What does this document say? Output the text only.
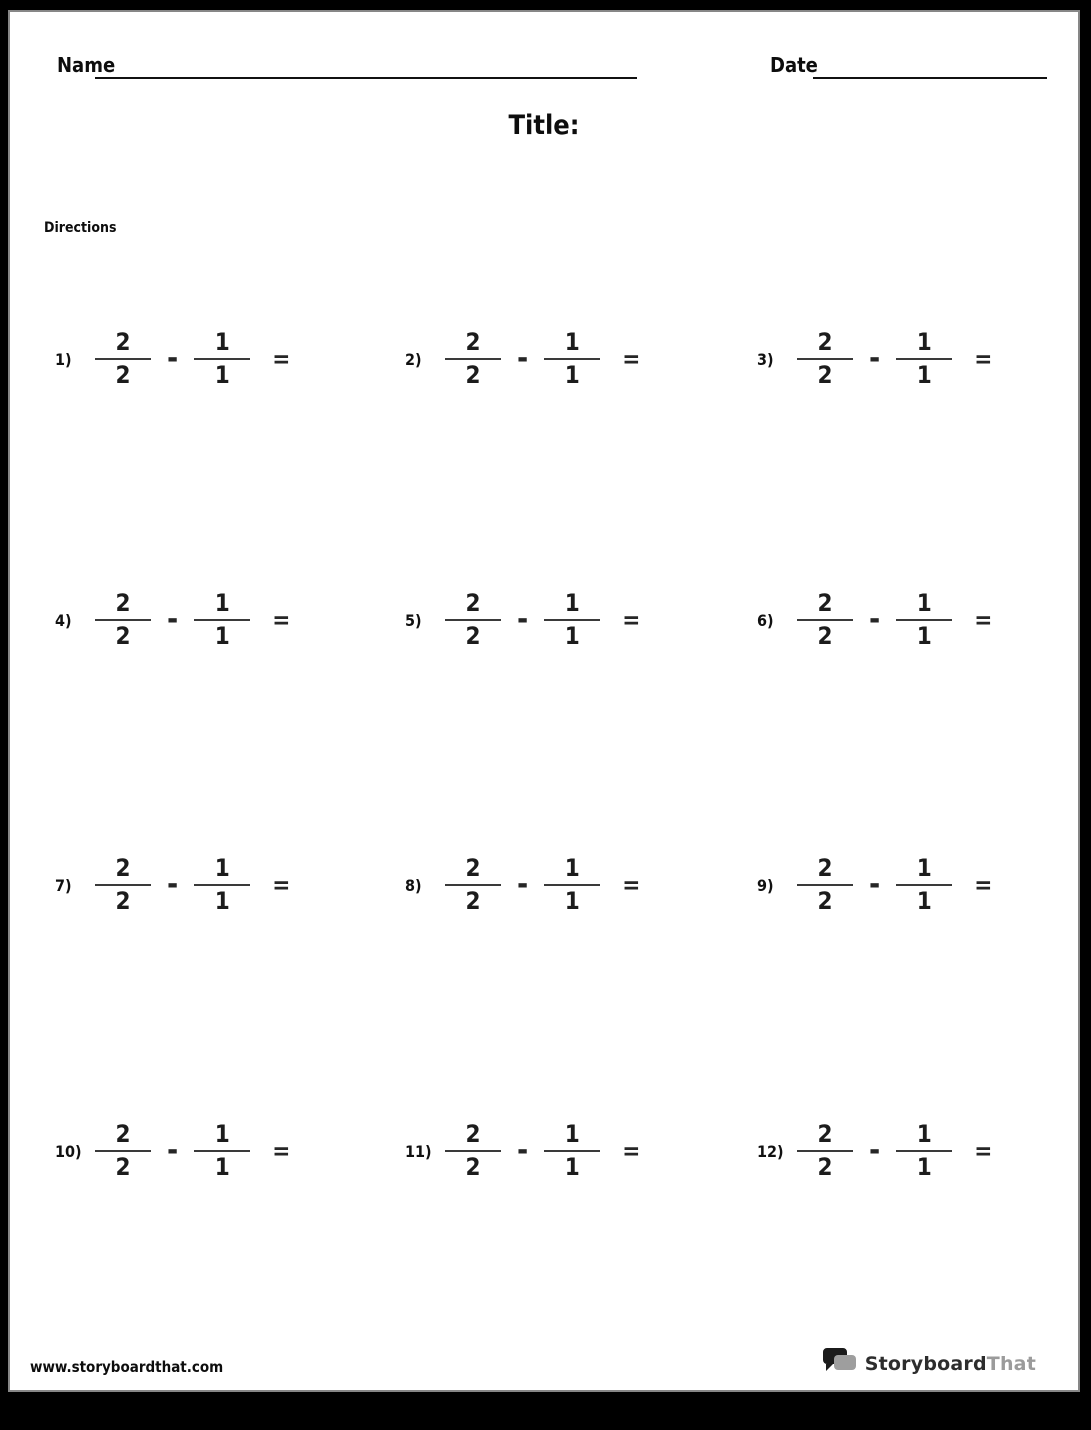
Name	Date
Title:
Directions
$1) \frac{2}{2} - \frac{1}{1}$ =	$2) \frac{2}{2} - \frac{1}{1}$ =	$3) \frac{2}{2} - \frac{1}{1}$ =
$4) \frac{2}{2} - \frac{1}{1}$ =	$5) \frac{2}{2} - \frac{1}{1}$ =	$6) \frac{2}{2} - \frac{1}{1}$ =
$7) \frac{2}{2} - \frac{1}{1}$ =	$8) \frac{2}{2} - \frac{1}{1}$ =	$9) \frac{2}{2} - \frac{1}{1}$ =
$10) \frac{2}{2} - \frac{1}{1}$ =	$11) \frac{2}{2} - \frac{1}{1}$ =	$12) \frac{2}{2} - \frac{1}{1}$ =
www.storyboardthat.com	StoryboardThat
